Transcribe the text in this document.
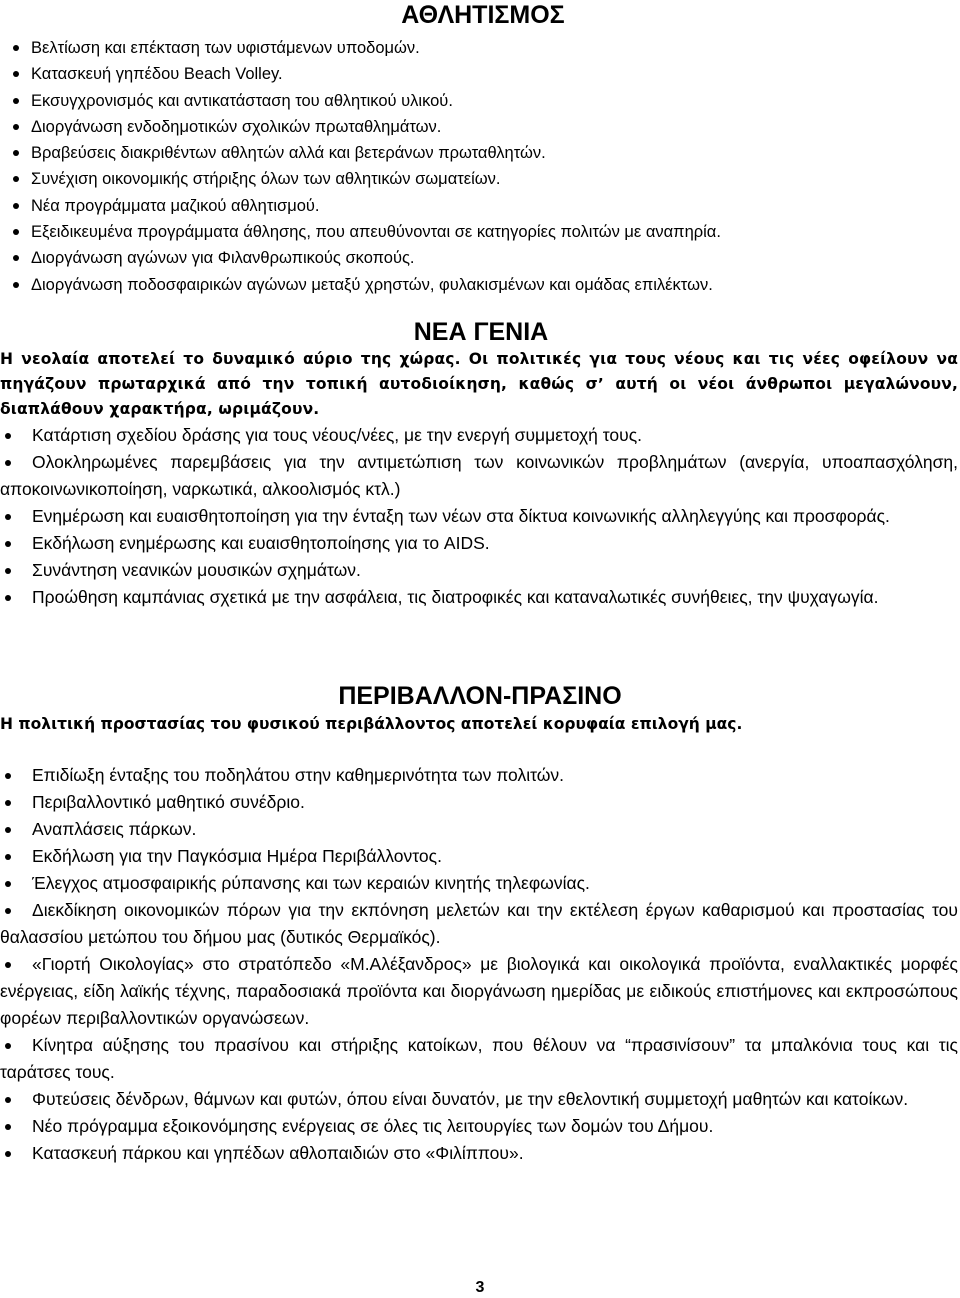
ΑΘΛΗΤΙΣΜΟΣ
Βελτίωση και επέκταση των υφιστάμενων υποδομών.
Κατασκευή γηπέδου Beach Volley.
Εκσυγχρονισμός και αντικατάσταση του αθλητικού υλικού.
Διοργάνωση ενδοδημοτικών σχολικών πρωταθλημάτων.
Βραβεύσεις διακριθέντων αθλητών αλλά και βετεράνων πρωταθλητών.
Συνέχιση οικονομικής στήριξης όλων των αθλητικών σωματείων.
Νέα προγράμματα μαζικού αθλητισμού.
Εξειδικευμένα προγράμματα άθλησης, που απευθύνονται σε κατηγορίες πολιτών με αναπηρία.
Διοργάνωση αγώνων για Φιλανθρωπικούς σκοπούς.
Διοργάνωση ποδοσφαιρικών αγώνων μεταξύ χρηστών, φυλακισμένων και ομάδας επιλέκτων.
ΝΕΑ ΓΕΝΙΑ
Η νεολαία αποτελεί το δυναμικό αύριο της χώρας. Οι πολιτικές για τους νέους και τις νέες οφείλουν να πηγάζουν πρωταρχικά από την τοπική αυτοδιοίκηση, καθώς σ’ αυτή οι νέοι άνθρωποι μεγαλώνουν, διαπλάθουν χαρακτήρα, ωριμάζουν.
Κατάρτιση σχεδίου δράσης για τους νέους/νέες, με την ενεργή συμμετοχή τους.
Ολοκληρωμένες παρεμβάσεις για την αντιμετώπιση των κοινωνικών προβλημάτων (ανεργία, υποαπασχόληση, αποκοινωνικοποίηση, ναρκωτικά, αλκοολισμός κτλ.)
Ενημέρωση και ευαισθητοποίηση για την ένταξη των νέων στα δίκτυα κοινωνικής αλληλεγγύης και προσφοράς.
Εκδήλωση ενημέρωσης και ευαισθητοποίησης για το AIDS.
Συνάντηση νεανικών μουσικών σχημάτων.
Προώθηση καμπάνιας σχετικά με την ασφάλεια, τις διατροφικές και καταναλωτικές συνήθειες, την ψυχαγωγία.
ΠΕΡΙΒΑΛΛΟΝ-ΠΡΑΣΙΝΟ
Η πολιτική προστασίας του φυσικού περιβάλλοντος αποτελεί κορυφαία επιλογή μας.
Επιδίωξη ένταξης του ποδηλάτου στην καθημερινότητα των πολιτών.
Περιβαλλοντικό μαθητικό συνέδριο.
Αναπλάσεις πάρκων.
Εκδήλωση για την Παγκόσμια Ημέρα Περιβάλλοντος.
Έλεγχος ατμοσφαιρικής ρύπανσης και των κεραιών κινητής τηλεφωνίας.
Διεκδίκηση οικονομικών πόρων για την εκπόνηση μελετών και την εκτέλεση έργων καθαρισμού και προστασίας του θαλασσίου μετώπου του δήμου μας (δυτικός Θερμαϊκός).
«Γιορτή Οικολογίας» στο στρατόπεδο «Μ.Αλέξανδρος» με βιολογικά και οικολογικά προϊόντα, εναλλακτικές μορφές ενέργειας, είδη λαϊκής τέχνης, παραδοσιακά προϊόντα και διοργάνωση ημερίδας με ειδικούς επιστήμονες και εκπροσώπους φορέων περιβαλλοντικών οργανώσεων.
Κίνητρα αύξησης του πρασίνου και στήριξης κατοίκων, που θέλουν να “πρασινίσουν” τα μπαλκόνια τους και τις ταράτσες τους.
Φυτεύσεις δένδρων, θάμνων και φυτών, όπου είναι δυνατόν, με την εθελοντική συμμετοχή μαθητών και κατοίκων.
Νέο πρόγραμμα εξοικονόμησης ενέργειας σε όλες τις λειτουργίες των δομών του Δήμου.
Κατασκευή πάρκου και γηπέδων αθλοπαιδιών στο «Φιλίππου».
3
